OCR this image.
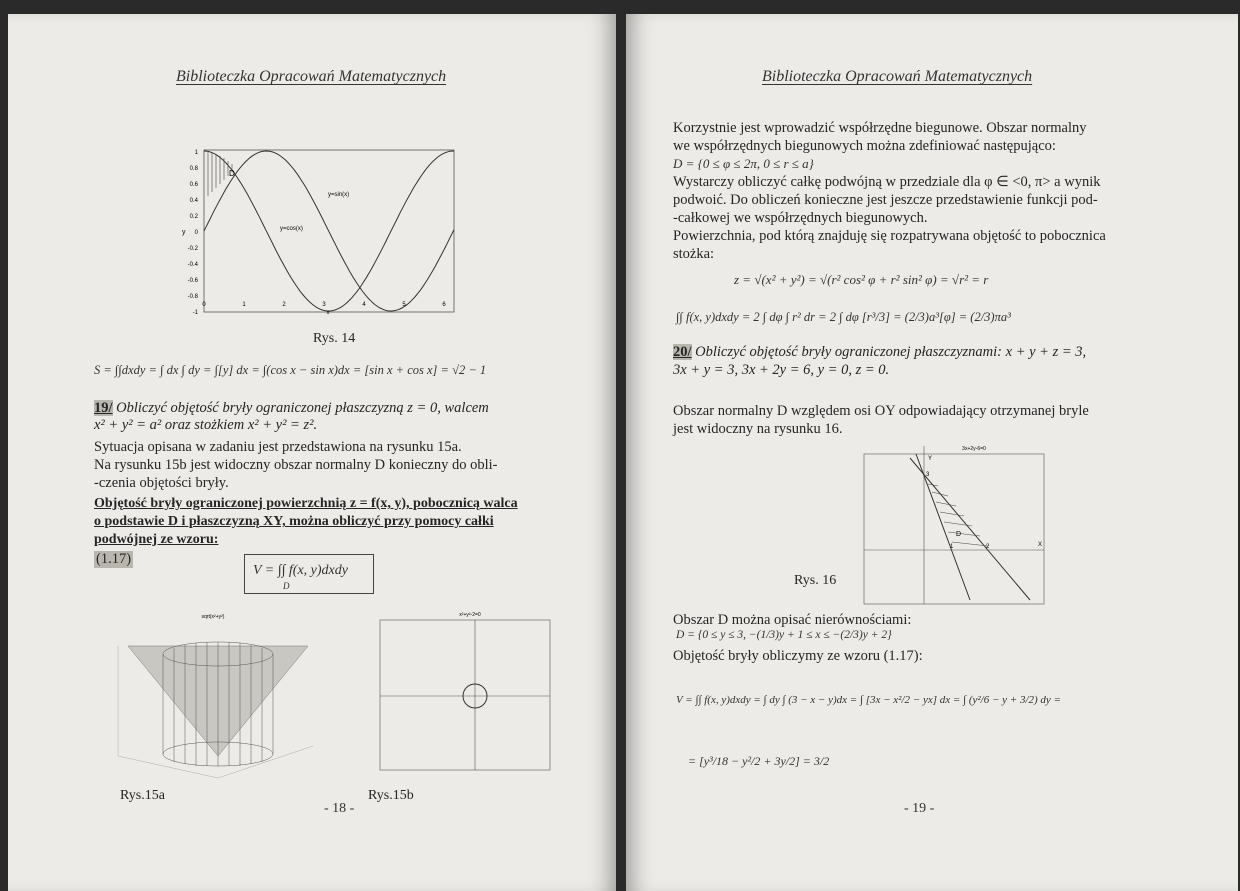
Biblioteczka Opracowań Matematycznych
1
0.8
0.6
0.4
0.2
0
-0.2
-0.4
-0.6
-0.8
-1
D
y=sin(x)
y=cos(x)
y
0	1	2	3	4	5	6
x
Rys. 14
S = ∫∫dxdy = ∫ dx ∫ dy = ∫[y] dx = ∫(cos x − sin x)dx = [sin x + cos x] = √2 − 1
19/ Obliczyć objętość bryły ograniczonej płaszczyzną z = 0, walcem
x² + y² = a² oraz stożkiem x² + y² = z².
Sytuacja opisana w zadaniu jest przedstawiona na rysunku 15a.
Na rysunku 15b jest widoczny obszar normalny D konieczny do obli-
-czenia objętości bryły.
Objętość bryły ograniczonej powierzchnią z = f(x, y), pobocznicą walca
o podstawie D i płaszczyzną XY, można obliczyć przy pomocy całki
podwójnej ze wzoru:
(1.17)
V = ∫∫ f(x, y)dxdy
D
sqrt(x²+y²)
Rys.15a
x²+y²-2=0
Rys.15b
- 18 -
Biblioteczka Opracowań Matematycznych
Korzystnie jest wprowadzić współrzędne biegunowe. Obszar normalny
we współrzędnych biegunowych można zdefiniować następująco:
D = {0 ≤ φ ≤ 2π, 0 ≤ r ≤ a}
Wystarczy obliczyć całkę podwójną w przedziale dla φ ∈ <0, π> a wynik
podwoić. Do obliczeń konieczne jest jeszcze przedstawienie funkcji pod-
-całkowej we współrzędnych biegunowych.
Powierzchnia, pod którą znajduję się rozpatrywana objętość to pobocznica
stożka:
z = √(x² + y²) = √(r² cos² φ + r² sin² φ) = √r² = r
∫∫ f(x, y)dxdy = 2 ∫ dφ ∫ r² dr = 2 ∫ dφ [r³/3] = (2/3)a³[φ] = (2/3)πa³
20/ Obliczyć objętość bryły ograniczonej płaszczyznami: x + y + z = 3,
3x + y = 3, 3x + 2y = 6, y = 0, z = 0.
Obszar normalny D względem osi OY odpowiadający otrzymanej bryle
jest widoczny na rysunku 16.
3x+2y-6=0
Y
X
D
3
2
1
Rys. 16
Obszar D można opisać nierównościami:
D = {0 ≤ y ≤ 3, −(1/3)y + 1 ≤ x ≤ −(2/3)y + 2}
Objętość bryły obliczymy ze wzoru (1.17):
V = ∫∫ f(x, y)dxdy = ∫ dy ∫ (3 − x − y)dx = ∫ [3x − x²/2 − yx] dx = ∫ (y²/6 − y + 3/2) dy =
= [y³/18 − y²/2 + 3y/2] = 3/2
- 19 -
